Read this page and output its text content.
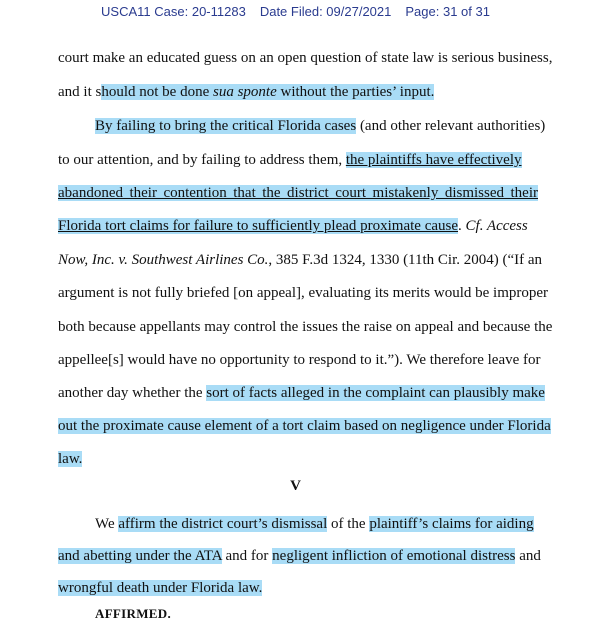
USCA11 Case: 20-11283 Date Filed: 09/27/2021 Page: 31 of 31
court make an educated guess on an open question of state law is serious business,
and it should not be done sua sponte without the parties’ input.
By failing to bring the critical Florida cases (and other relevant authorities)
to our attention, and by failing to address them, the plaintiffs have effectively
abandoned their contention that the district court mistakenly dismissed their
Florida tort claims for failure to sufficiently plead proximate cause. Cf. Access
Now, Inc. v. Southwest Airlines Co., 385 F.3d 1324, 1330 (11th Cir. 2004) (“If an
argument is not fully briefed [on appeal], evaluating its merits would be improper
both because appellants may control the issues the raise on appeal and because the
appellee[s] would have no opportunity to respond to it.”). We therefore leave for
another day whether the sort of facts alleged in the complaint can plausibly make
out the proximate cause element of a tort claim based on negligence under Florida
law.
V
We affirm the district court’s dismissal of the plaintiff’s claims for aiding
and abetting under the ATA and for negligent infliction of emotional distress and
wrongful death under Florida law.
AFFIRMED.
